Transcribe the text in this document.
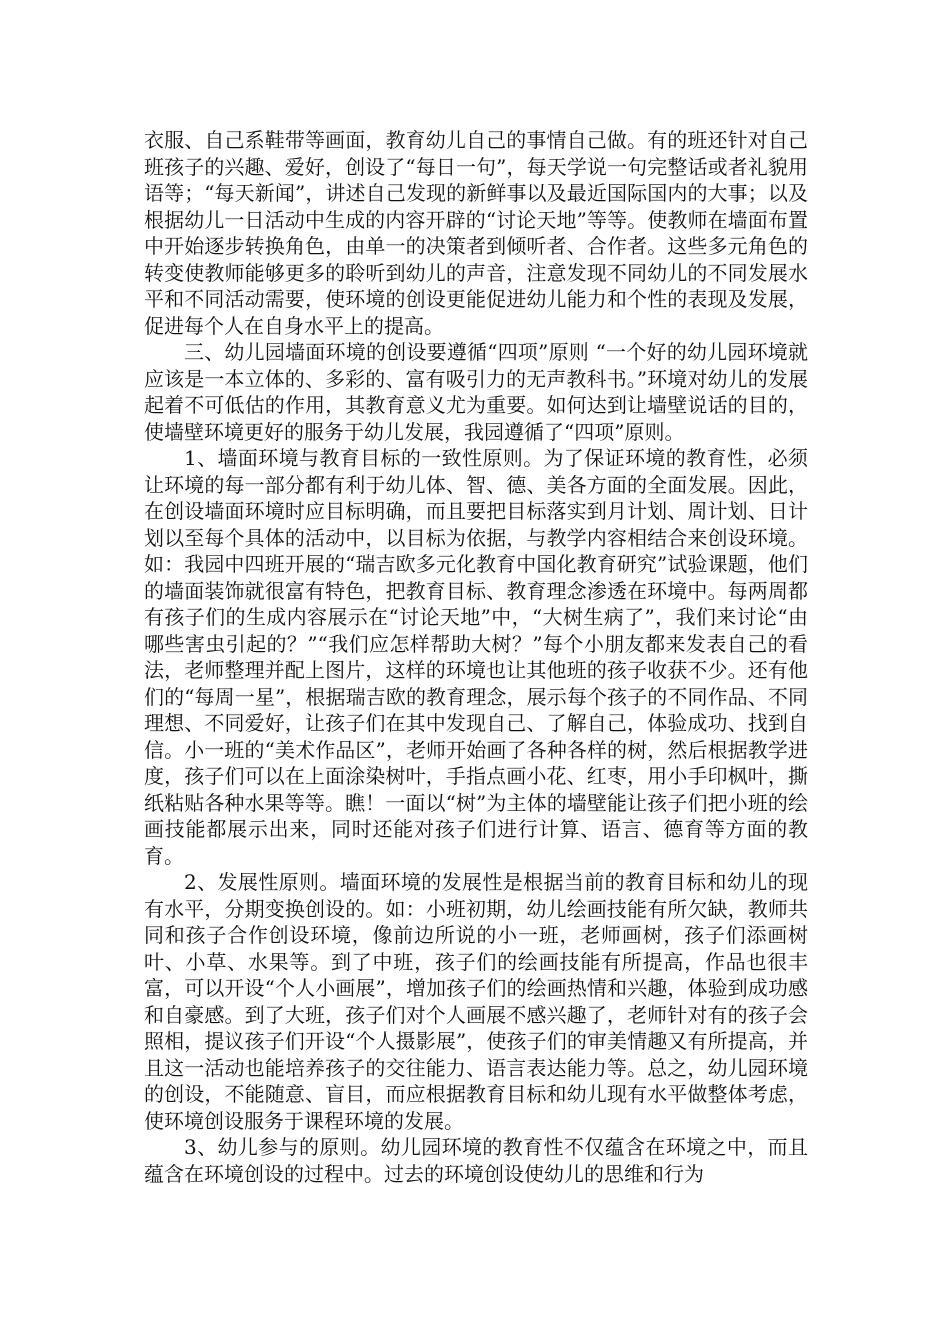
衣服、自己系鞋带等画面，教育幼儿自己的事情自己做。有的班还针对自己班孩子的兴趣、爱好，创设了“每日一句”，每天学说一句完整话或者礼貌用语等；“每天新闻”，讲述自己发现的新鲜事以及最近国际国内的大事；以及根据幼儿一日活动中生成的内容开辟的“讨论天地”等等。使教师在墙面布置中开始逐步转换角色，由单一的决策者到倾听者、合作者。这些多元角色的转变使教师能够更多的聆听到幼儿的声音，注意发现不同幼儿的不同发展水平和不同活动需要，使环境的创设更能促进幼儿能力和个性的表现及发展，促进每个人在自身水平上的提高。

三、幼儿园墙面环境的创设要遵循“四项”原则 “一个好的幼儿园环境就应该是一本立体的、多彩的、富有吸引力的无声教科书。”环境对幼儿的发展起着不可低估的作用，其教育意义尤为重要。如何达到让墙壁说话的目的，使墙壁环境更好的服务于幼儿发展，我园遵循了“四项”原则。

1、墙面环境与教育目标的一致性原则。为了保证环境的教育性，必须让环境的每一部分都有利于幼儿体、智、德、美各方面的全面发展。因此，在创设墙面环境时应目标明确，而且要把目标落实到月计划、周计划、日计划以至每个具体的活动中，以目标为依据，与教学内容相结合来创设环境。如：我园中四班开展的“瑞吉欧多元化教育中国化教育研究”试验课题，他们的墙面装饰就很富有特色，把教育目标、教育理念渗透在环境中。每两周都有孩子们的生成内容展示在“讨论天地”中，“大树生病了”，我们来讨论“由哪些害虫引起的？”“我们应怎样帮助大树？”每个小朋友都来发表自己的看法，老师整理并配上图片，这样的环境也让其他班的孩子收获不少。还有他们的“每周一星”，根据瑞吉欧的教育理念，展示每个孩子的不同作品、不同理想、不同爱好，让孩子们在其中发现自己、了解自己，体验成功、找到自信。小一班的“美术作品区”，老师开始画了各种各样的树，然后根据教学进度，孩子们可以在上面涂染树叶，手指点画小花、红枣，用小手印枫叶，撕纸粘贴各种水果等等。瞧！一面以“树”为主体的墙壁能让孩子们把小班的绘画技能都展示出来，同时还能对孩子们进行计算、语言、德育等方面的教育。

2、发展性原则。墙面环境的发展性是根据当前的教育目标和幼儿的现有水平，分期变换创设的。如：小班初期，幼儿绘画技能有所欠缺，教师共同和孩子合作创设环境，像前边所说的小一班，老师画树，孩子们添画树叶、小草、水果等。到了中班，孩子们的绘画技能有所提高，作品也很丰富，可以开设“个人小画展”，增加孩子们的绘画热情和兴趣，体验到成功感和自豪感。到了大班，孩子们对个人画展不感兴趣了，老师针对有的孩子会照相，提议孩子们开设“个人摄影展”，使孩子们的审美情趣又有所提高，并且这一活动也能培养孩子的交往能力、语言表达能力等。总之，幼儿园环境的创设，不能随意、盲目，而应根据教育目标和幼儿现有水平做整体考虑，使环境创设服务于课程环境的发展。

3、幼儿参与的原则。幼儿园环境的教育性不仅蕴含在环境之中，而且蕴含在环境创设的过程中。过去的环境创设使幼儿的思维和行为
